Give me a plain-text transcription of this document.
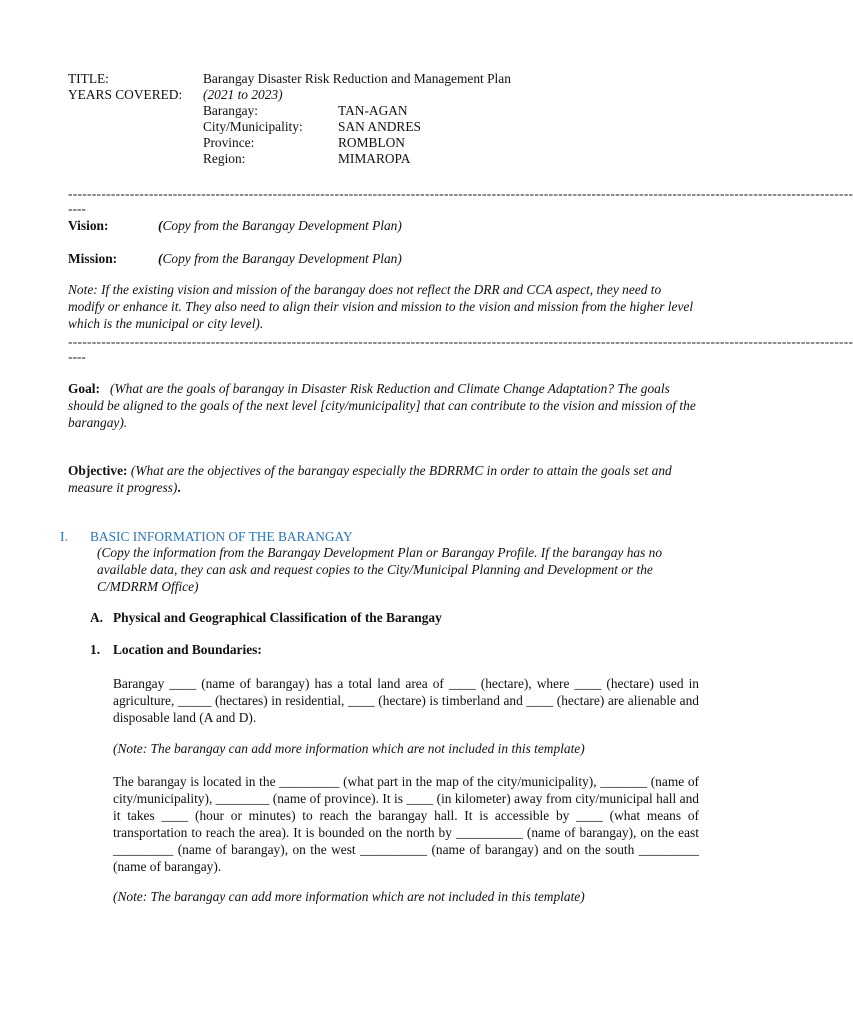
TITLE:	Barangay Disaster Risk Reduction and Management Plan
YEARS COVERED: (2021 to 2023)
Barangay:	TAN-AGAN
City/Municipality:	SAN ANDRES
Province:	ROMBLON
Region:	MIMAROPA
---------------------------------------------------------------------------------------------------------------------------------------------------------------------
----
Vision:	(Copy from the Barangay Development Plan)
Mission:	(Copy from the Barangay Development Plan)
Note: If the existing vision and mission of the barangay does not reflect the DRR and CCA aspect, they need to modify or enhance it. They also need to align their vision and mission to the vision and mission from the higher level which is the municipal or city level).
---------------------------------------------------------------------------------------------------------------------------------------------------------------------
----
Goal: (What are the goals of barangay in Disaster Risk Reduction and Climate Change Adaptation? The goals should be aligned to the goals of the next level [city/municipality] that can contribute to the vision and mission of the barangay).
Objective: (What are the objectives of the barangay especially the BDRRMC in order to attain the goals set and measure it progress).
I. BASIC INFORMATION OF THE BARANGAY
(Copy the information from the Barangay Development Plan or Barangay Profile. If the barangay has no available data, they can ask and request copies to the City/Municipal Planning and Development or the C/MDRRM Office)
A. Physical and Geographical Classification of the Barangay
1. Location and Boundaries:
Barangay ____ (name of barangay) has a total land area of ____ (hectare), where ____ (hectare) used in agriculture, _____ (hectares) in residential, ____ (hectare) is timberland and ____ (hectare) are alienable and disposable land (A and D).
(Note: The barangay can add more information which are not included in this template)
The barangay is located in the _________ (what part in the map of the city/municipality), _______ (name of city/municipality), ________ (name of province). It is ____ (in kilometer) away from city/municipal hall and it takes ____ (hour or minutes) to reach the barangay hall. It is accessible by ____ (what means of transportation to reach the area). It is bounded on the north by __________ (name of barangay), on the east _________ (name of barangay), on the west __________ (name of barangay) and on the south _________ (name of barangay).
(Note: The barangay can add more information which are not included in this template)
